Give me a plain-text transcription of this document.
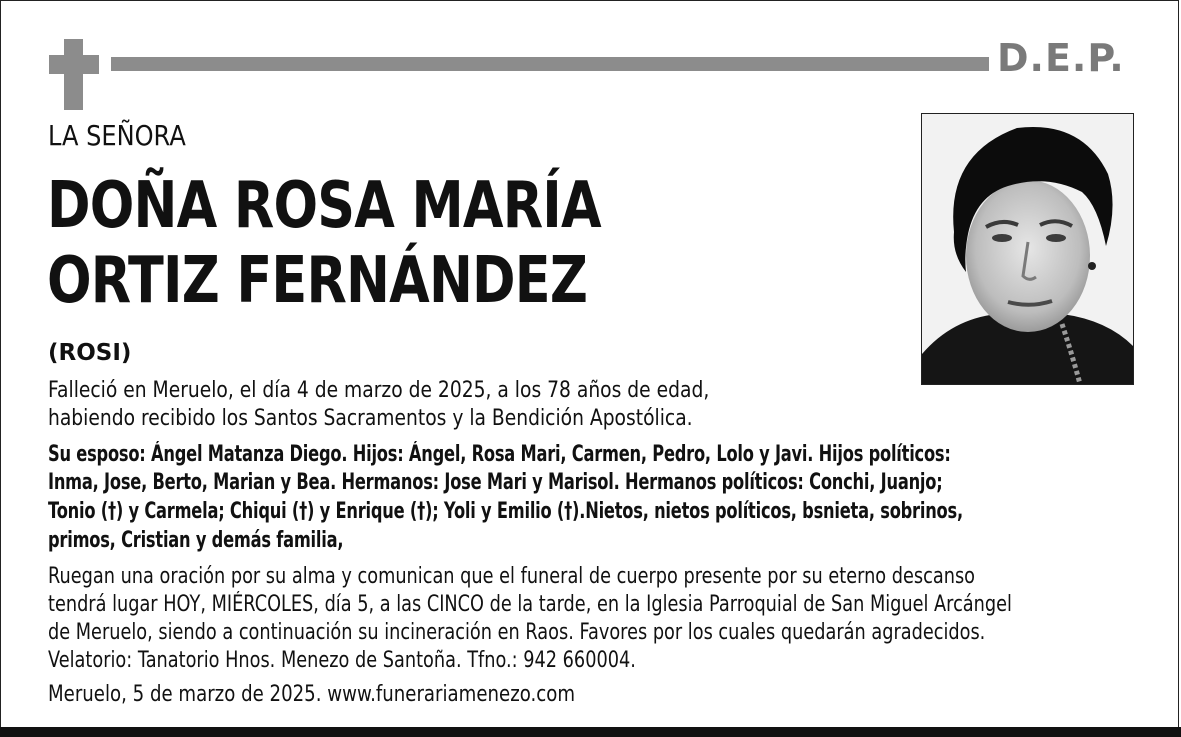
D.E.P.
LA SEÑORA
DOÑA ROSA MARÍA
ORTIZ FERNÁNDEZ
(ROSI)
Falleció en Meruelo, el día 4 de marzo de 2025, a los 78 años de edad,
habiendo recibido los Santos Sacramentos y la Bendición Apostólica.
Su esposo: Ángel Matanza Diego. Hijos: Ángel, Rosa Mari, Carmen, Pedro, Lolo y Javi. Hijos políticos:
Inma, Jose, Berto, Marian y Bea. Hermanos: Jose Mari y Marisol. Hermanos políticos: Conchi, Juanjo;
Tonio (†) y Carmela; Chiqui (†) y Enrique (†); Yoli y Emilio (†).Nietos, nietos políticos, bsnieta, sobrinos,
primos, Cristian y demás familia,
Ruegan una oración por su alma y comunican que el funeral de cuerpo presente por su eterno descanso
tendrá lugar HOY, MIÉRCOLES, día 5, a las CINCO de la tarde, en la Iglesia Parroquial de San Miguel Arcángel
de Meruelo, siendo a continuación su incineración en Raos. Favores por los cuales quedarán agradecidos.
Velatorio: Tanatorio Hnos. Menezo de Santoña. Tfno.: 942 660004.
Meruelo, 5 de marzo de 2025. www.funerariamenezo.com
